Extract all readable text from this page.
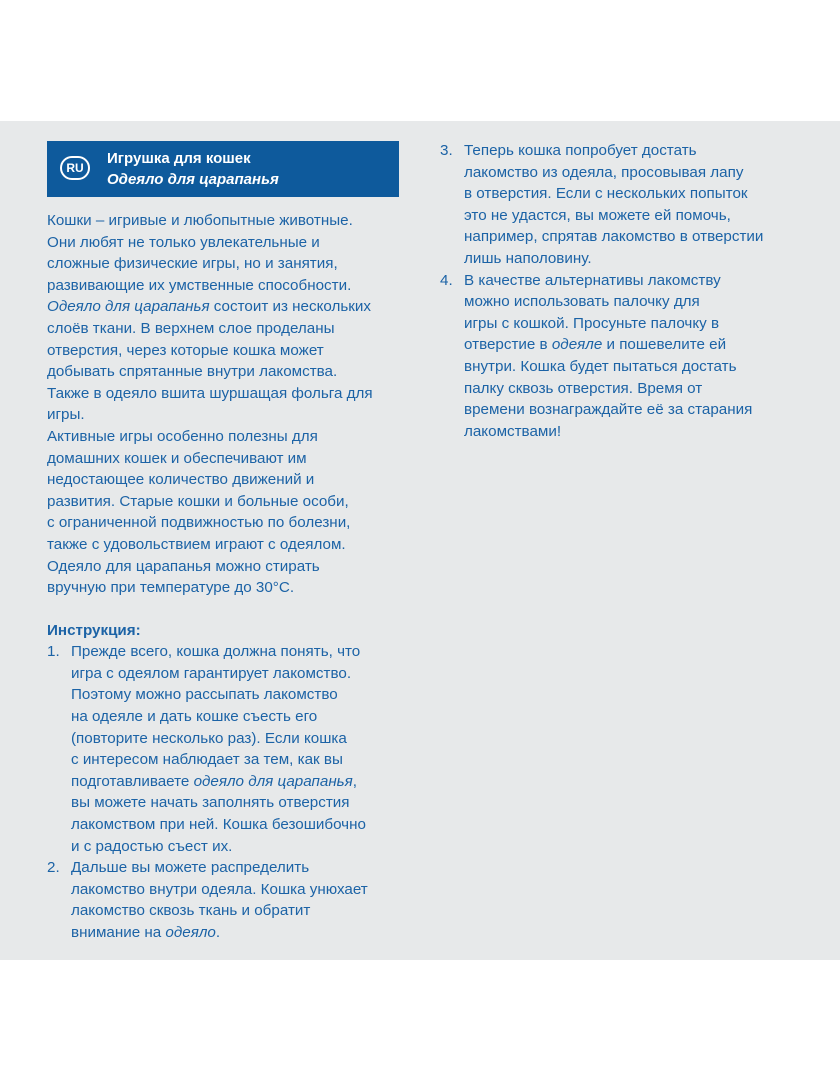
RU
Игрушка для кошек
Одеяло для царапанья

Кошки – игривые и любопытные животные.
Они любят не только увлекательные и
сложные физические игры, но и занятия,
развивающие их умственные способности.

Одеяло для царапанья состоит из нескольких
слоёв ткани. В верхнем слое проделаны
отверстия, через которые кошка может
добывать спрятанные внутри лакомства.
Также в одеяло вшита шуршащая фольга для
игры.

Активные игры особенно полезны для
домашних кошек и обеспечивают им
недостающее количество движений и
развития. Старые кошки и больные особи,
с ограниченной подвижностью по болезни,
также с удовольствием играют с одеялом.
Одеяло для царапанья можно стирать
вручную при температуре до 30°С.

Инструкция:

1. Прежде всего, кошка должна понять, что
игра с одеялом гарантирует лакомство.
Поэтому можно рассыпать лакомство
на одеяле и дать кошке съесть его
(повторите несколько раз). Если кошка
с интересом наблюдает за тем, как вы
подготавливаете одеяло для царапанья,
вы можете начать заполнять отверстия
лакомством при ней. Кошка безошибочно
и с радостью съест их.
2. Дальше вы можете распределить
лакомство внутри одеяла. Кошка унюхает
лакомство сквозь ткань и обратит
внимание на одеяло.
3. Теперь кошка попробует достать
лакомство из одеяла, просовывая лапу
в отверстия. Если с нескольких попыток
это не удастся, вы можете ей помочь,
например, спрятав лакомство в отверстии
лишь наполовину.
4. В качестве альтернативы лакомству
можно использовать палочку для
игры с кошкой. Просуньте палочку в
отверстие в одеяле и пошевелите ей
внутри. Кошка будет пытаться достать
палку сквозь отверстия. Время от
времени вознаграждайте её за старания
лакомствами!
